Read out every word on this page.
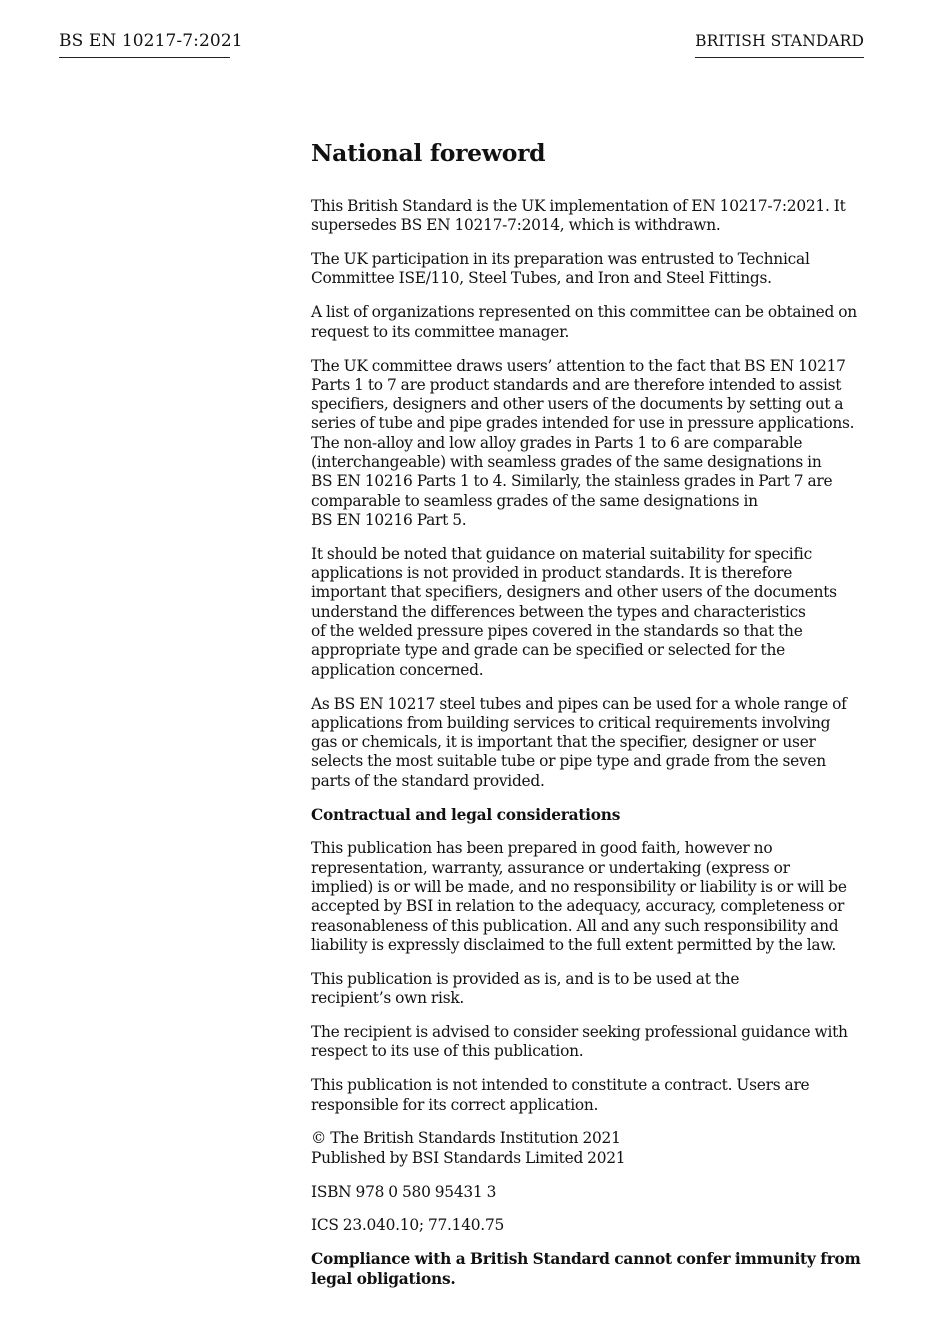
BS EN 10217-7:2021	BRITISH STANDARD
National foreword
This British Standard is the UK implementation of EN 10217-7:2021. It
supersedes BS EN 10217-7:2014, which is withdrawn.
The UK participation in its preparation was entrusted to Technical
Committee ISE/110, Steel Tubes, and Iron and Steel Fittings.
A list of organizations represented on this committee can be obtained on
request to its committee manager.
The UK committee draws users’ attention to the fact that BS EN 10217
Parts 1 to 7 are product standards and are therefore intended to assist
specifiers, designers and other users of the documents by setting out a
series of tube and pipe grades intended for use in pressure applications.
The non-alloy and low alloy grades in Parts 1 to 6 are comparable
(interchangeable) with seamless grades of the same designations in
BS EN 10216 Parts 1 to 4. Similarly, the stainless grades in Part 7 are
comparable to seamless grades of the same designations in
BS EN 10216 Part 5.
It should be noted that guidance on material suitability for specific
applications is not provided in product standards. It is therefore
important that specifiers, designers and other users of the documents
understand the differences between the types and characteristics
of the welded pressure pipes covered in the standards so that the
appropriate type and grade can be specified or selected for the
application concerned.
As BS EN 10217 steel tubes and pipes can be used for a whole range of
applications from building services to critical requirements involving
gas or chemicals, it is important that the specifier, designer or user
selects the most suitable tube or pipe type and grade from the seven
parts of the standard provided.
Contractual and legal considerations
This publication has been prepared in good faith, however no
representation, warranty, assurance or undertaking (express or
implied) is or will be made, and no responsibility or liability is or will be
accepted by BSI in relation to the adequacy, accuracy, completeness or
reasonableness of this publication. All and any such responsibility and
liability is expressly disclaimed to the full extent permitted by the law.
This publication is provided as is, and is to be used at the
recipient’s own risk.
The recipient is advised to consider seeking professional guidance with
respect to its use of this publication.
This publication is not intended to constitute a contract. Users are
responsible for its correct application.
© The British Standards Institution 2021
Published by BSI Standards Limited 2021
ISBN 978 0 580 95431 3
ICS 23.040.10; 77.140.75
Compliance with a British Standard cannot confer immunity from
legal obligations.
